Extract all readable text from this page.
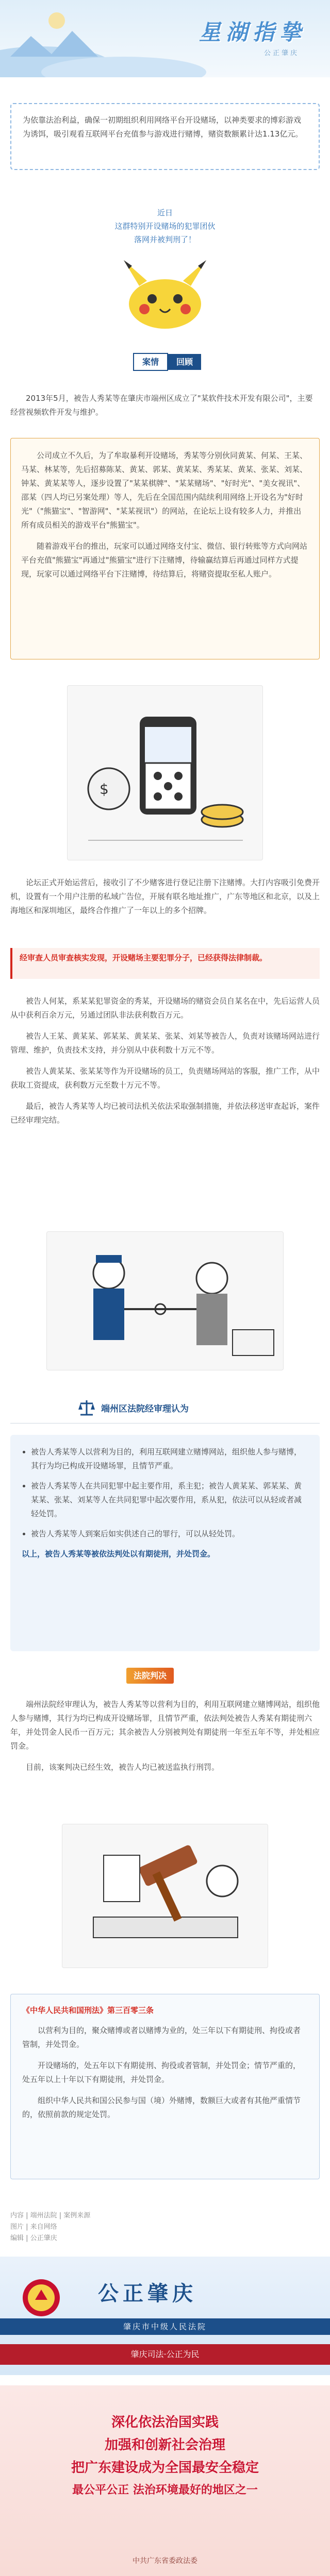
星湖指挚
公正肇庆
为依靠法治利益，确保一初期组织利用网络平台开设赌场，以神类要求的博彩游戏为诱饵，吸引观看互联网平台充值参与游戏进行赌博，赌资数额累计达1.13亿元。
近日
这群特别开设赌场的犯罪团伙
落网并被判刑了！
案情 回顾

2013年5月，被告人秀某等在肇庆市端州区成立了"某软件技术开发有限公司"，主要经营视频软件开发与维护。

公司成立不久后，为了牟取暴利开设赌场，秀某等分别伙同黄某、何某、王某、马某、林某等，先后招募陈某、黄某、郭某、黄某某、秀某某、黄某、张某、刘某、钟某、黄某某等人，逐步设置了"某某棋牌"、"某某赌场"、"好时光"、"美女视讯"、邵某（四人均已另案处理）等人，先后在全国范围内陆续利用网络上开设名为"好时光"（"熊猫宝"、"智游网"、"某某视讯"）的网站，在论坛上设有较多人力，并推出所有成员相关的游戏平台"熊猫宝"。

随着游戏平台的推出，玩家可以通过网络支付宝、微信、银行转账等方式向网站平台充值"熊猫宝"再通过"熊猫宝"进行下注赌博，待输赢结算后再通过同样方式提现，玩家可以通过网络平台下注赌博，待结算后，将赌资提取至私人账户。

$

论坛正式开始运营后，接收引了不少赌客进行登记注册下注赌博。大打内容吸引免费开机，设置有一个用户注册的私域广告位，开展有联名地址推广，广东等地区和北京，以及上海地区和深圳地区，最终合作推广了一年以上的多个招牌。

经审查人员审查核实发现，开设赌场主要犯罪分子，已经获得法律制裁。

被告人何某，系某某犯罪资金的秀某，开设赌场的赌资会员自某名在中，先后运营人员从中获利百余万元，另通过团队非法获利数百万元。

被告人王某、黄某某、郭某某、黄某某、张某、刘某等被告人，负责对该赌场网站进行管理、维护，负责技术支持，并分别从中获利数十万元不等。

被告人黄某某、张某某等作为开设赌场的员工，负责赌场网站的客服，推广工作，从中获取工资提成，获利数万元至数十万元不等。

最后，被告人秀某等人均已被司法机关依法采取强制措施，并依法移送审查起诉，案件已经审理完结。

端州区法院经审理认为
• 被告人秀某等人以营利为目的，利用互联网建立赌博网站，组织他人参与赌博，其行为均已构成开设赌场罪，且情节严重。
• 被告人秀某等人在共同犯罪中起主要作用，系主犯；被告人黄某某、郭某某、黄某某、张某、刘某等人在共同犯罪中起次要作用，系从犯，依法可以从轻或者减轻处罚。
• 被告人秀某等人到案后如实供述自己的罪行，可以从轻处罚。
以上，被告人秀某等被依法判处以有期徒刑，并处罚金。
法院判决

端州法院经审理认为，被告人秀某等以营利为目的，利用互联网建立赌博网站，组织他人参与赌博，其行为均已构成开设赌场罪，且情节严重，依法判处被告人秀某有期徒刑六年，并处罚金人民币一百万元；其余被告人分别被判处有期徒刑一年至五年不等，并处相应罚金。

目前，该案判决已经生效，被告人均已被送监执行刑罚。

《中华人民共和国刑法》第三百零三条

以营利为目的，聚众赌博或者以赌博为业的，处三年以下有期徒刑、拘役或者管制，并处罚金。

开设赌场的，处五年以下有期徒刑、拘役或者管制，并处罚金；情节严重的，处五年以上十年以下有期徒刑，并处罚金。

组织中华人民共和国公民参与国（境）外赌博，数额巨大或者有其他严重情节的，依照前款的规定处罚。

内容 | 端州法院 | 案例来源
图片 | 来自网络
编辑 | 公正肇庆
公正肇庆
肇庆市中级人民法院
肇庆司法·公正为民
深化依法治国实践
加强和创新社会治理
把广东建设成为全国最安全稳定
最公平公正 法治环境最好的地区之一
中共广东省委政法委
